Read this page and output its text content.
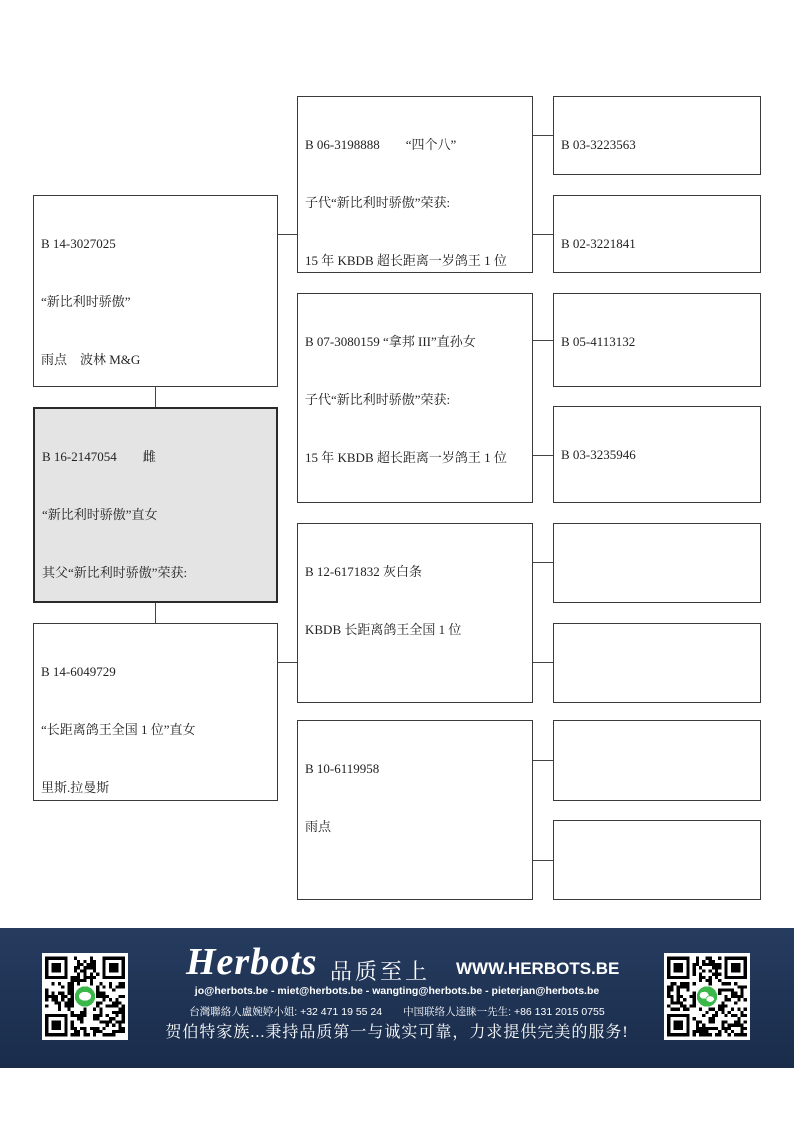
B 14-3027025

“新比利时骄傲”

雨点　波林 M&G

B 16-2147054　　雌

“新比利时骄傲”直女

其父“新比利时骄傲”荣获:

B 14-6049729

“长距离鸽王全国 1 位”直女

里斯.拉曼斯

B 06-3198888　　“四个八”

子代“新比利时骄傲”荣获:

15 年 KBDB 超长距离一岁鸽王 1 位

B 07-3080159 “拿邦 III”直孙女

子代“新比利时骄傲”荣获:

15 年 KBDB 超长距离一岁鸽王 1 位

B 12-6171832 灰白条

KBDB 长距离鸽王全国 1 位

B 10-6119958

雨点

B 03-3223563

B 02-3221841

B 05-4113132

B 03-3235946

Herbots 品质至上 WWW.HERBOTS.BE
jo@herbots.be - miet@herbots.be - wangting@herbots.be - pieterjan@herbots.be
台灣聯絡人盧婉婷小姐: +32 471 19 55 24　　中国联络人逵睐一先生: +86 131 2015 0755
贺伯特家族...秉持品质第一与诚实可靠，力求提供完美的服务!
